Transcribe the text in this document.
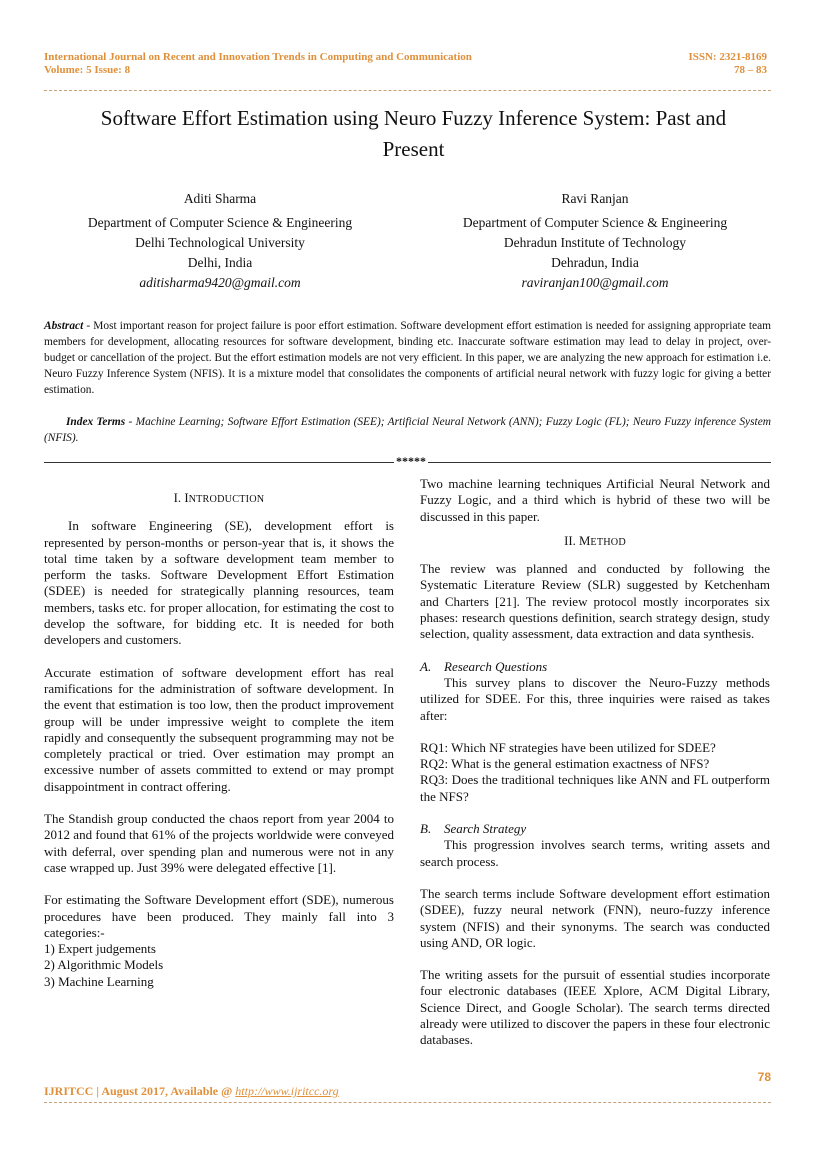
International Journal on Recent and Innovation Trends in Computing and Communication
Volume: 5 Issue: 8
ISSN: 2321-8169
78 – 83
Software Effort Estimation using Neuro Fuzzy Inference System: Past and
Present
Aditi Sharma
Department of Computer Science & Engineering
Delhi Technological University
Delhi, India
aditisharma9420@gmail.com
Ravi Ranjan
Department of Computer Science & Engineering
Dehradun Institute of Technology
Dehradun, India
raviranjan100@gmail.com
Abstract - Most important reason for project failure is poor effort estimation. Software development effort estimation is needed for assigning appropriate team members for development, allocating resources for software development, binding etc. Inaccurate software estimation may lead to delay in project, over-budget or cancellation of the project. But the effort estimation models are not very efficient. In this paper, we are analyzing the new approach for estimation i.e. Neuro Fuzzy Inference System (NFIS). It is a mixture model that consolidates the components of artificial neural network with fuzzy logic for giving a better estimation.
Index Terms - Machine Learning; Software Effort Estimation (SEE); Artificial Neural Network (ANN); Fuzzy Logic (FL); Neuro Fuzzy inference System (NFIS).
*****
I. INTRODUCTION

In software Engineering (SE), development effort is represented by person-months or person-year that is, it shows the total time taken by a software development team member to perform the tasks. Software Development Effort Estimation (SDEE) is needed for strategically planning resources, team members, tasks etc. for proper allocation, for estimating the cost to develop the software, for bidding etc. It is needed for both developers and customers.

Accurate estimation of software development effort has real ramifications for the administration of software development. In the event that estimation is too low, then the product improvement group will be under impressive weight to complete the item rapidly and consequently the subsequent programming may not be completely practical or tried. Over estimation may prompt an excessive number of assets committed to extend or may prompt disappointment in contract offering.

The Standish group conducted the chaos report from year 2004 to 2012 and found that 61% of the projects worldwide were conveyed with deferral, over spending plan and numerous were not in any case wrapped up. Just 39% were delegated effective [1].

For estimating the Software Development effort (SDE), numerous procedures have been produced. They mainly fall into 3 categories:-

1) Expert judgements
2) Algorithmic Models
3) Machine Learning

Two machine learning techniques Artificial Neural Network and Fuzzy Logic, and a third which is hybrid of these two will be discussed in this paper.

II. METHOD

The review was planned and conducted by following the Systematic Literature Review (SLR) suggested by Ketchenham and Charters [21]. The review protocol mostly incorporates six phases: research questions definition, search strategy design, study selection, quality assessment, data extraction and data synthesis.

A. Research Questions

This survey plans to discover the Neuro-Fuzzy methods utilized for SDEE. For this, three inquiries were raised as takes after:

RQ1: Which NF strategies have been utilized for SDEE?

RQ2: What is the general estimation exactness of NFS?

RQ3: Does the traditional techniques like ANN and FL outperform the NFS?

B. Search Strategy

This progression involves search terms, writing assets and search process.

The search terms include Software development effort estimation (SDEE), fuzzy neural network (FNN), neuro-fuzzy inference system (NFIS) and their synonyms. The search was conducted using AND, OR logic.

The writing assets for the pursuit of essential studies incorporate four electronic databases (IEEE Xplore, ACM Digital Library, Science Direct, and Google Scholar). The search terms directed already were utilized to discover the papers in these four electronic databases.

78
IJRITCC | August 2017, Available @ http://www.ijritcc.org
